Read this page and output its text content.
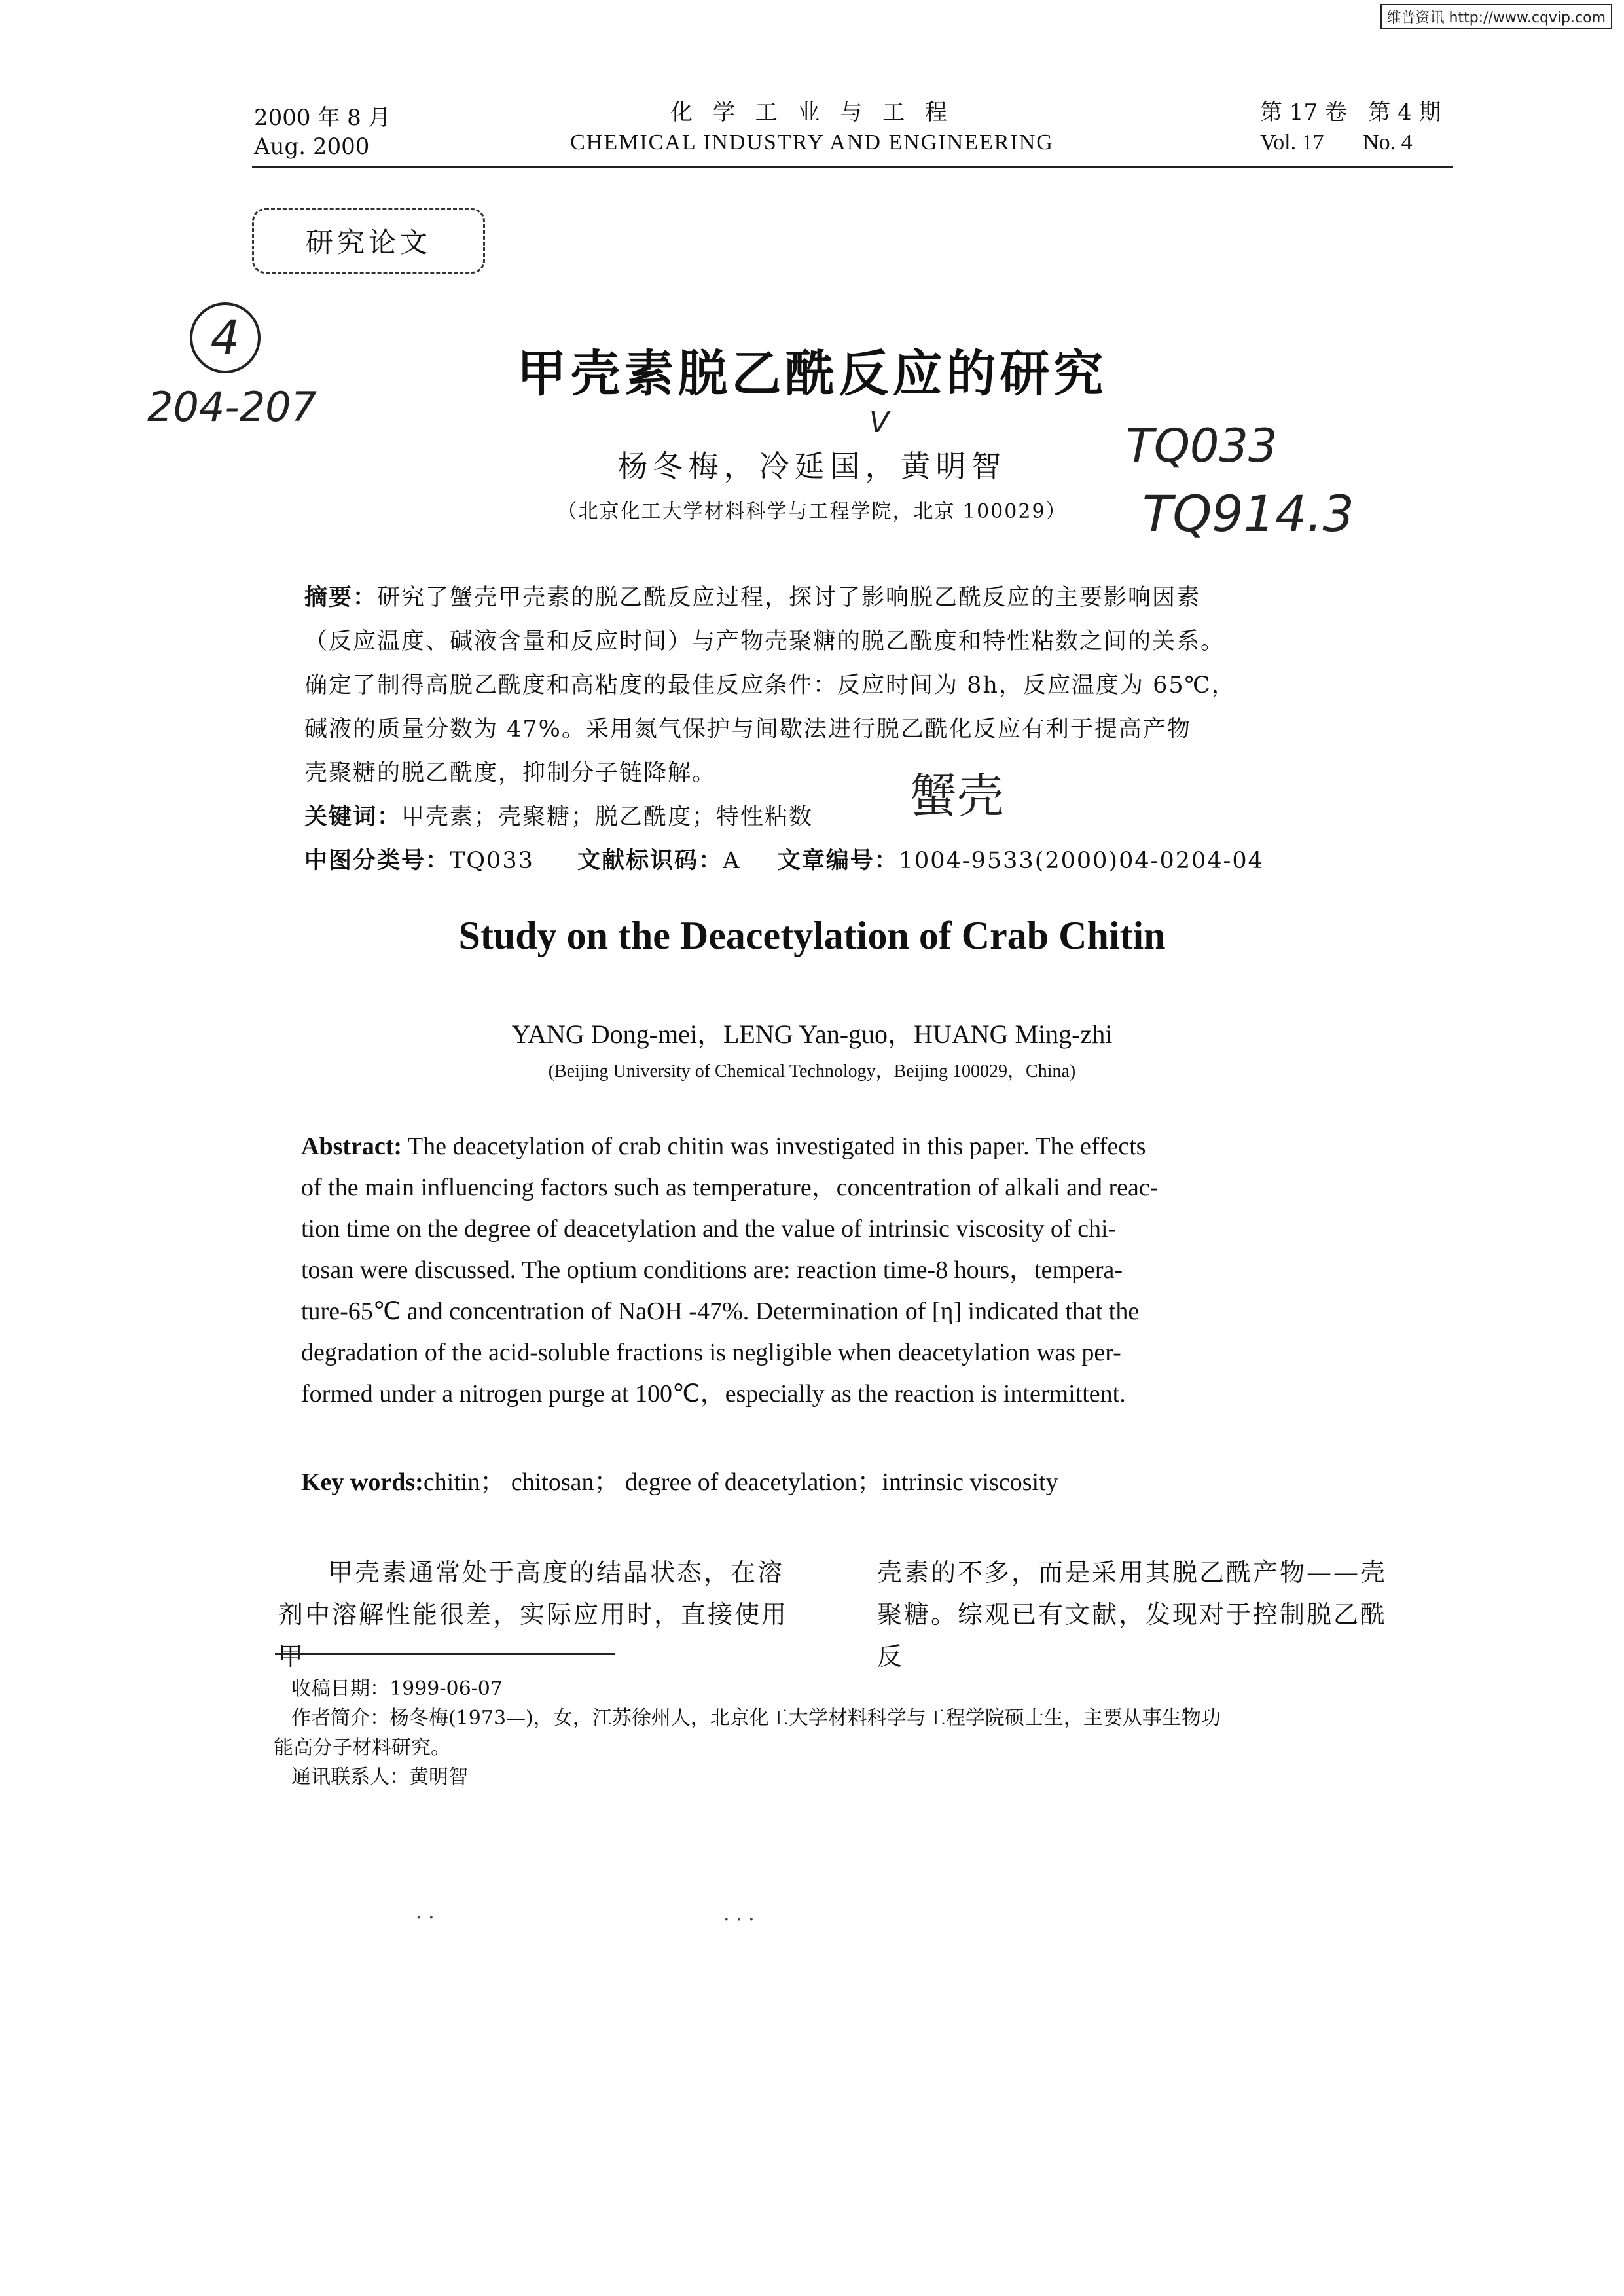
维普资讯 http://www.cqvip.com
2000 年 8 月
Aug. 2000
化 学 工 业 与 工 程
CHEMICAL INDUSTRY AND ENGINEERING
第 17 卷   第 4 期
Vol. 17       No. 4
研究论文
4
204-207	V	TQ033
TQ914.3
蟹壳
甲壳素脱乙酰反应的研究
杨冬梅，冷延国，黄明智
（北京化工大学材料科学与工程学院，北京 100029）
摘要：研究了蟹壳甲壳素的脱乙酰反应过程，探讨了影响脱乙酰反应的主要影响因素
（反应温度、碱液含量和反应时间）与产物壳聚糖的脱乙酰度和特性粘数之间的关系。
确定了制得高脱乙酰度和高粘度的最佳反应条件：反应时间为 8h，反应温度为 65℃，
碱液的质量分数为 47%。采用氮气保护与间歇法进行脱乙酰化反应有利于提高产物
壳聚糖的脱乙酰度，抑制分子链降解。
关键词：甲壳素；壳聚糖；脱乙酰度；特性粘数
中图分类号：TQ033 文献标识码：A 文章编号：1004-9533(2000)04-0204-04
Study on the Deacetylation of Crab Chitin
YANG Dong-mei，LENG Yan-guo，HUANG Ming-zhi
(Beijing University of Chemical Technology，Beijing 100029，China)
Abstract: The deacetylation of crab chitin was investigated in this paper. The effects
of the main influencing factors such as temperature，concentration of alkali and reac-
tion time on the degree of deacetylation and the value of intrinsic viscosity of chi-
tosan were discussed. The optium conditions are: reaction time-8 hours，tempera-
ture-65℃ and concentration of NaOH -47%. Determination of [η] indicated that the
degradation of the acid-soluble fractions is negligible when deacetylation was per-
formed under a nitrogen purge at 100℃，especially as the reaction is intermittent.
Key words:chitin； chitosan； degree of deacetylation；intrinsic viscosity
甲壳素通常处于高度的结晶状态，在溶
剂中溶解性能很差，实际应用时，直接使用甲
壳素的不多，而是采用其脱乙酰产物——壳
聚糖。综观已有文献，发现对于控制脱乙酰反
收稿日期：1999-06-07
作者简介：杨冬梅(1973—)，女，江苏徐州人，北京化工大学材料科学与工程学院硕士生，主要从事生物功
能高分子材料研究。
通讯联系人：黄明智
· ·	· · ·
